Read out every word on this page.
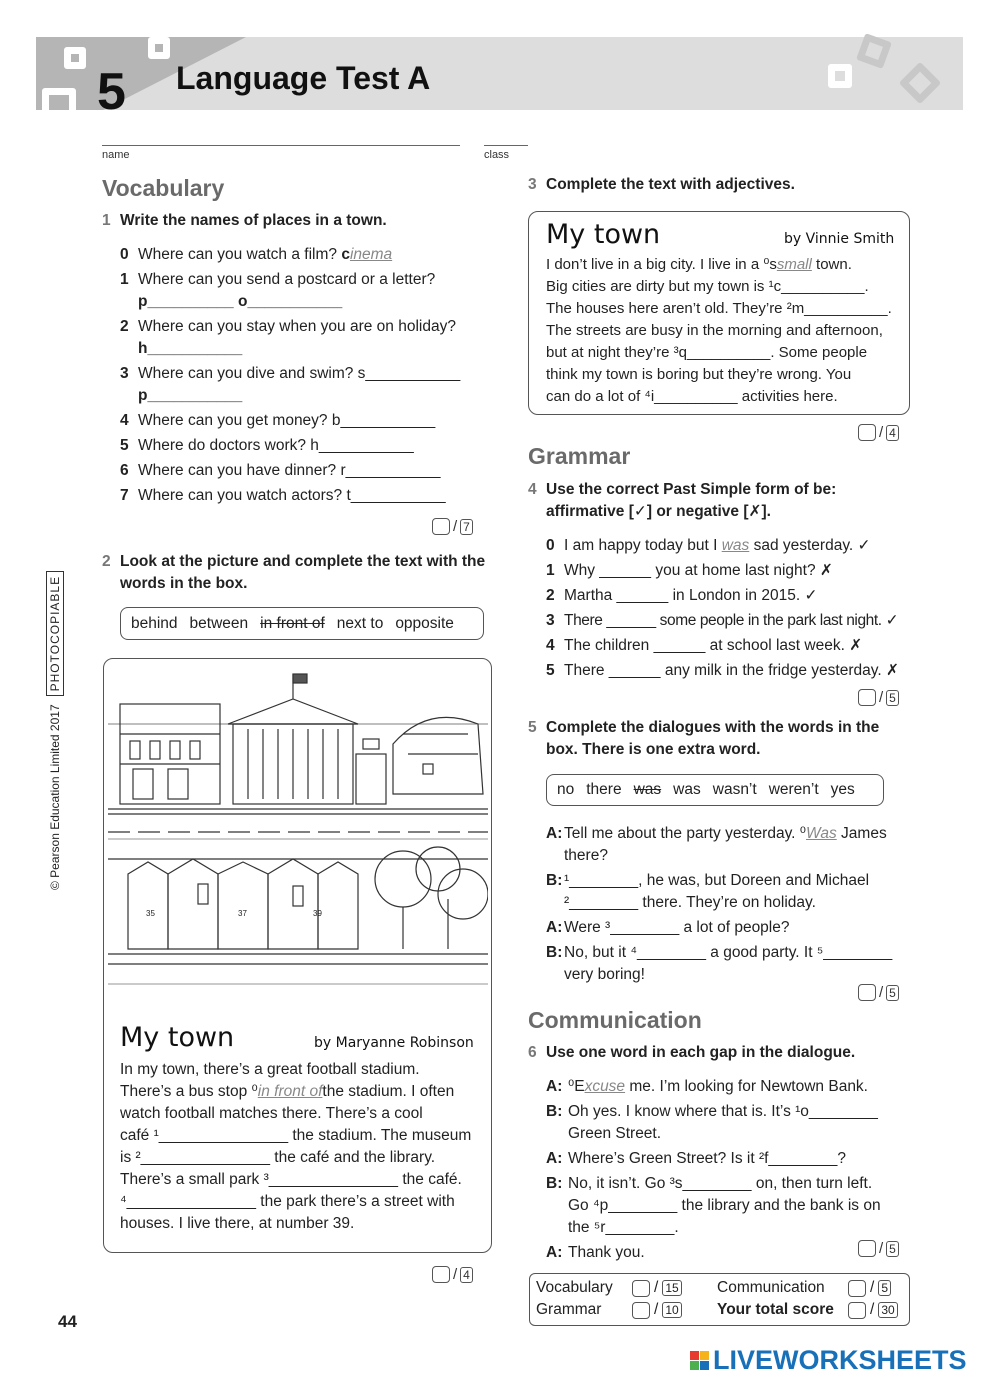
5 Language Test A
name	class
© Pearson Education Limited 2017
PHOTOCOPIABLE
Vocabulary
1 Write the names of places in a town.
0 Where can you watch a film? cinema
1 Where can you send a postcard or a letter?
p__________ o___________
2 Where can you stay when you are on holiday?
h___________
3 Where can you dive and swim? s___________
p___________
4 Where can you get money? b___________
5 Where do doctors work? h___________
6 Where can you have dinner? r___________
7 Where can you watch actors? t___________
/ 7
2 Look at the picture and complete the text with the words in the box.
behind between in front of next to opposite
35	37	39
My town	by Maryanne Robinson
In my town, there’s a great football stadium.
There’s a bus stop ⁰in front ofthe stadium. I often
watch football matches there. There’s a cool
café ¹_______________ the stadium. The museum
is ²_______________ the café and the library.
There’s a small park ³_______________ the café.
⁴_______________ the park there’s a street with
houses. I live there, at number 39.
/ 4
44
3 Complete the text with adjectives.
My town	by Vinnie Smith
I don’t live in a big city. I live in a ⁰ssmall town.
Big cities are dirty but my town is ¹c__________.
The houses here aren’t old. They’re ²m__________.
The streets are busy in the morning and afternoon,
but at night they’re ³q__________. Some people
think my town is boring but they’re wrong. You
can do a lot of ⁴i__________ activities here.
/ 4
Grammar
4 Use the correct Past Simple form of be:
affirmative [✓] or negative [✗].
0 I am happy today but I was sad yesterday. ✓
1 Why ______ you at home last night? ✗
2 Martha ______ in London in 2015. ✓
3 There ______ some people in the park last night. ✓
4 The children ______ at school last week. ✗
5 There ______ any milk in the fridge yesterday. ✗
/ 5
5 Complete the dialogues with the words in the
box. There is one extra word.
no there was was wasn’t weren’t yes
A: Tell me about the party yesterday. ⁰Was James
there?
B: ¹________, he was, but Doreen and Michael
²________ there. They’re on holiday.
A: Were ³________ a lot of people?
B: No, but it ⁴________ a good party. It ⁵________
very boring!
/ 5
Communication
6 Use one word in each gap in the dialogue.
A: ⁰Excuse me. I’m looking for Newtown Bank.
B: Oh yes. I know where that is. It’s ¹o________
Green Street.
A: Where’s Green Street? Is it ²f________?
B: No, it isn’t. Go ³s________ on, then turn left.
Go ⁴p________ the library and the bank is on
the ⁵r________.
A: Thank you.	/ 5
Vocabulary	/ 15
Grammar	/ 10
Communication	/ 5
Your total score	/ 30
LIVEWORKSHEETS
